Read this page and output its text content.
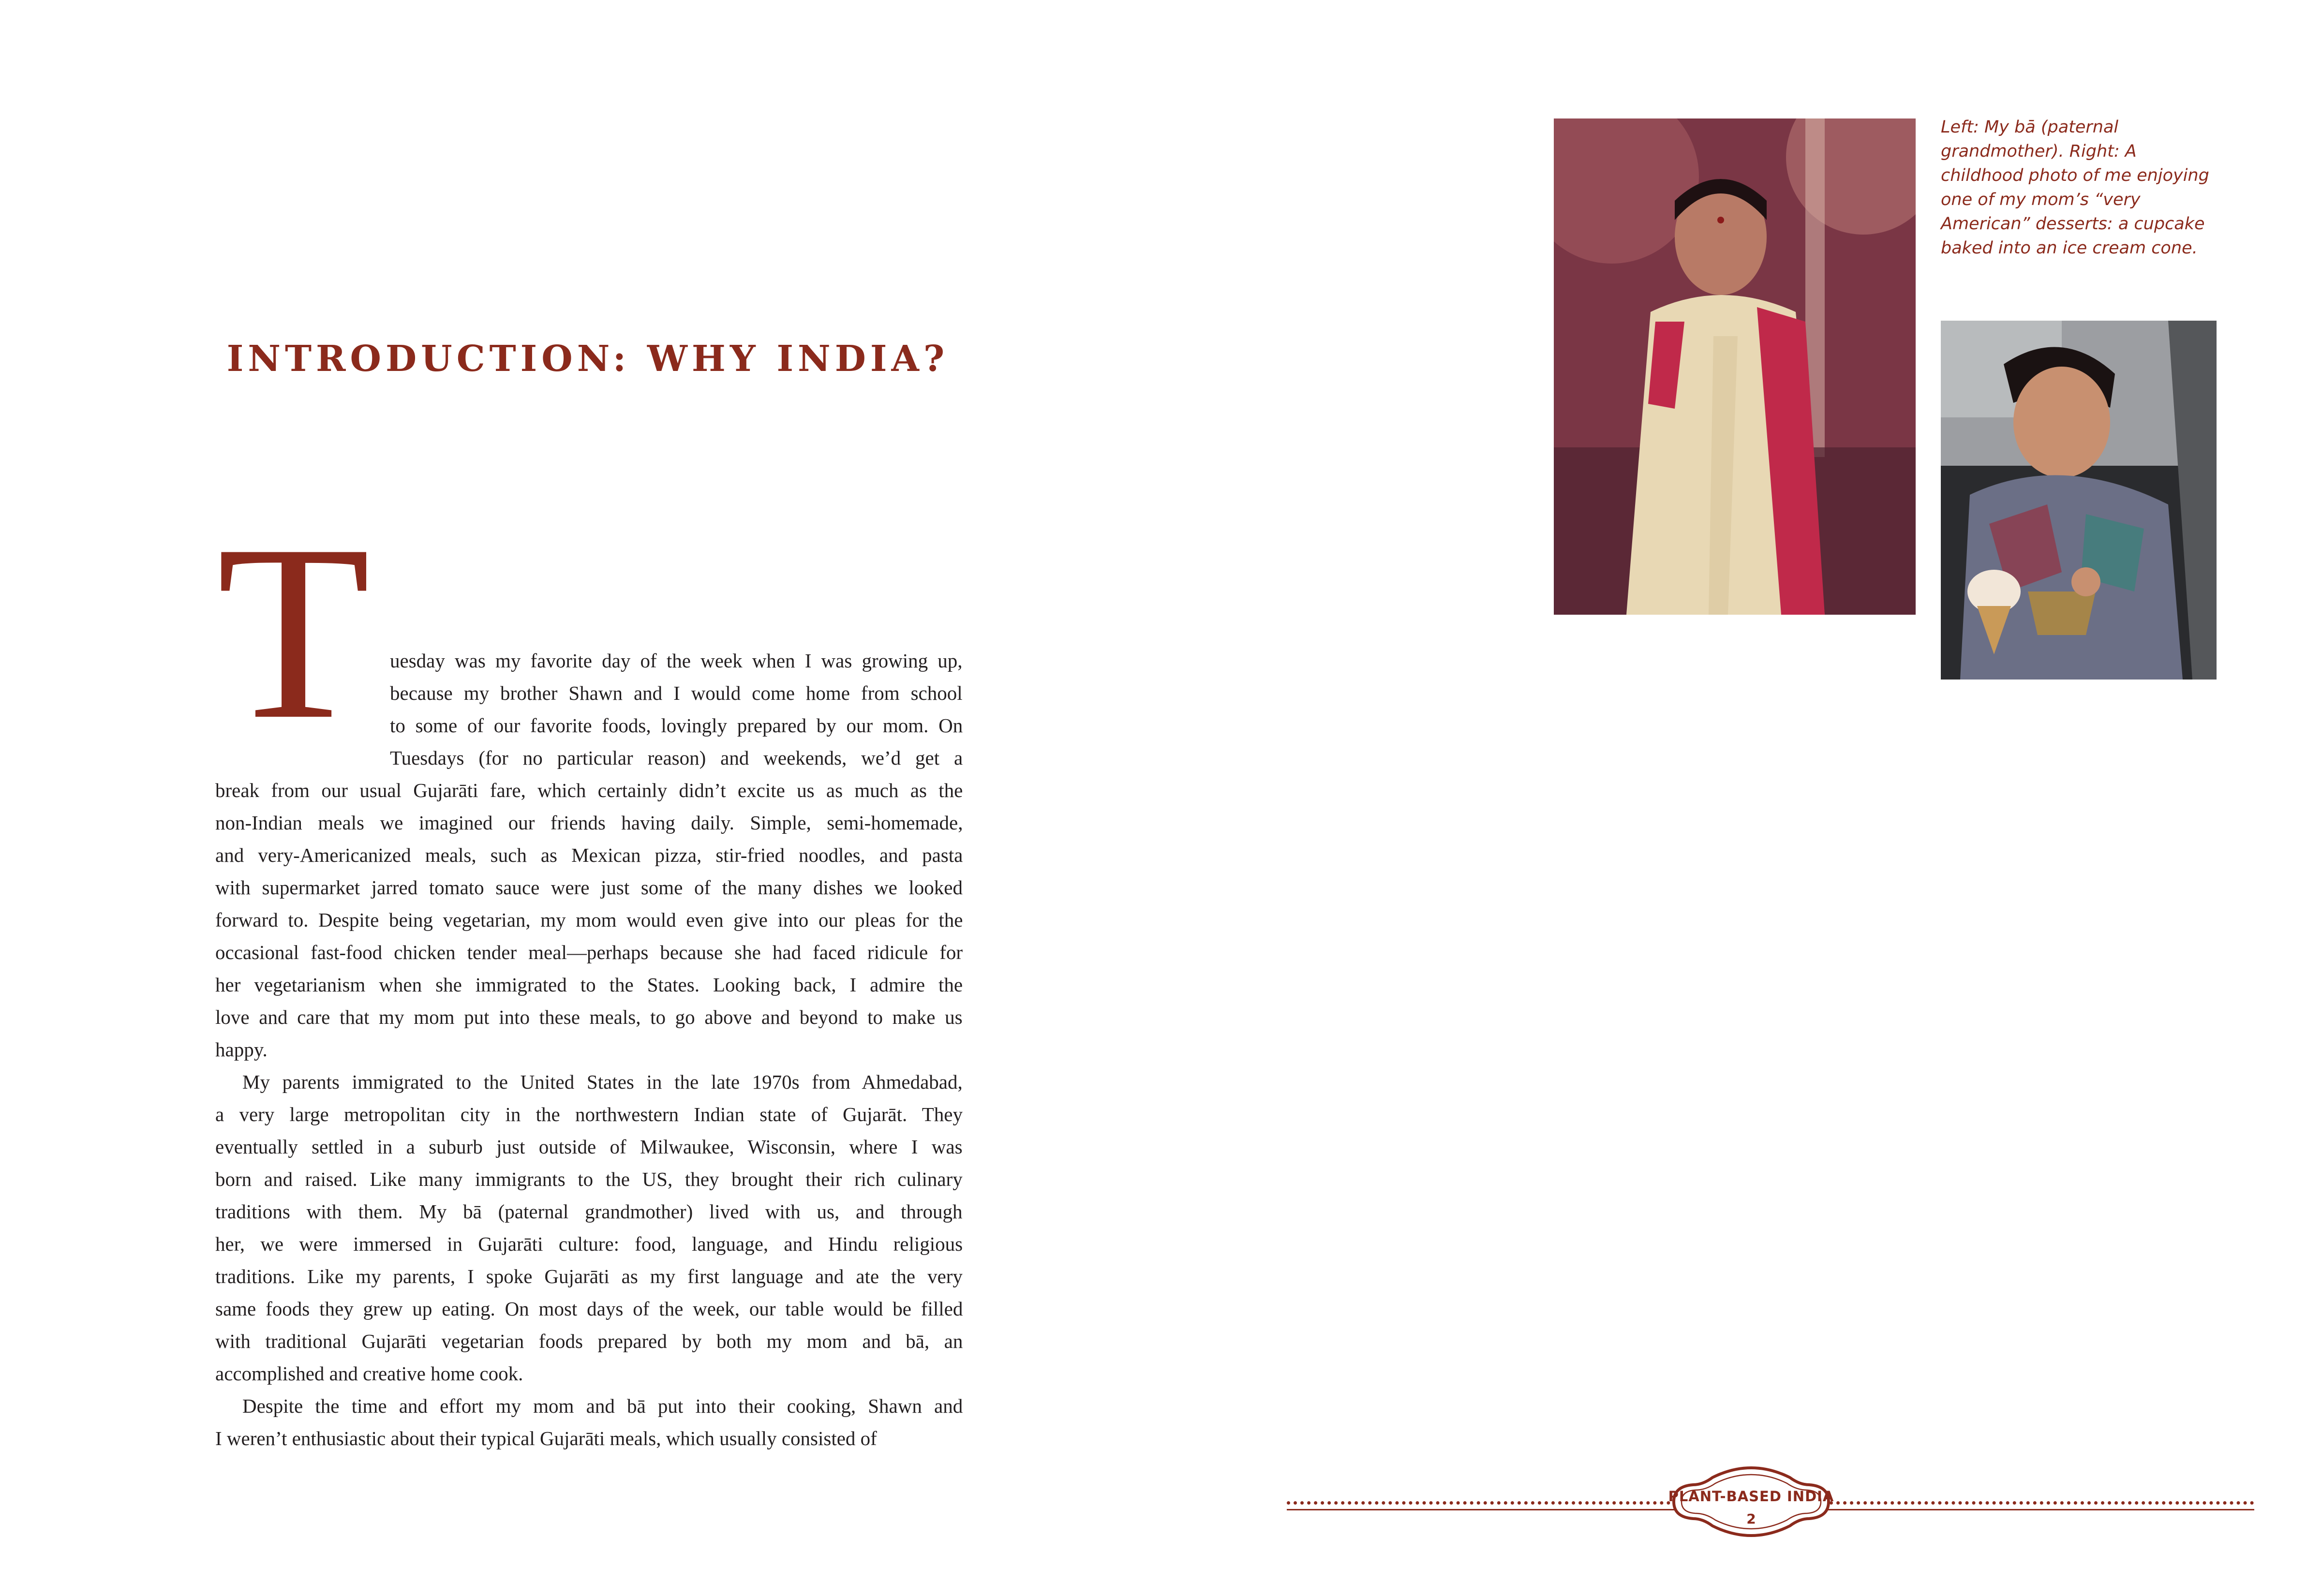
INTRODUCTION: WHY INDIA?
T uesday was my favorite day of the week when I was growing up,
because my brother Shawn and I would come home from school
to some of our favorite foods, lovingly prepared by our mom. On
Tuesdays (for no particular reason) and weekends, we’d get a
break from our usual Gujarāti fare, which certainly didn’t excite us as much as the
non-Indian meals we imagined our friends having daily. Simple, semi-homemade,
and very-Americanized meals, such as Mexican pizza, stir-fried noodles, and pasta
with supermarket jarred tomato sauce were just some of the many dishes we looked
forward to. Despite being vegetarian, my mom would even give into our pleas for the
occasional fast-food chicken tender meal—perhaps because she had faced ridicule for
her vegetarianism when she immigrated to the States. Looking back, I admire the
love and care that my mom put into these meals, to go above and beyond to make us
happy.
My parents immigrated to the United States in the late 1970s from Ahmedabad,
a very large metropolitan city in the northwestern Indian state of Gujarāt. They
eventually settled in a suburb just outside of Milwaukee, Wisconsin, where I was
born and raised. Like many immigrants to the US, they brought their rich culinary
traditions with them. My bā (paternal grandmother) lived with us, and through
her, we were immersed in Gujarāti culture: food, language, and Hindu religious
traditions. Like my parents, I spoke Gujarāti as my first language and ate the very
same foods they grew up eating. On most days of the week, our table would be filled
with traditional Gujarāti vegetarian foods prepared by both my mom and bā, an
accomplished and creative home cook.
Despite the time and effort my mom and bā put into their cooking, Shawn and
I weren’t enthusiastic about their typical Gujarāti meals, which usually consisted of
Left: My bā (paternal grandmother). Right: A childhood photo of me enjoying one of my mom’s “very American” desserts: a cupcake baked into an ice cream cone.
PLANT-BASED INDIA
2
